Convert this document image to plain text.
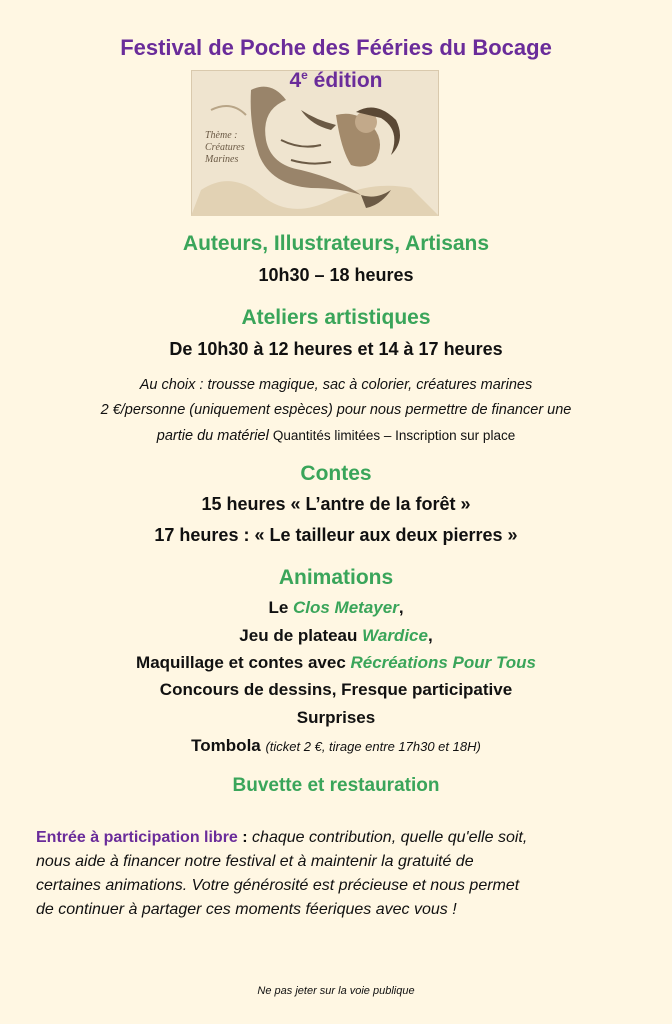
Festival de Poche des Fééries du Bocage
4e édition
Thème :
Créatures
Marines
Auteurs, Illustrateurs, Artisans
10h30 – 18 heures
Ateliers artistiques
De 10h30 à 12 heures et 14 à 17 heures
Au choix : trousse magique, sac à colorier, créatures marines
2 €/personne (uniquement espèces) pour nous permettre de financer une
partie du matériel Quantités limitées – Inscription sur place
Contes
15 heures « L’antre de la forêt »
17 heures : « Le tailleur aux deux pierres »
Animations
Le Clos Metayer,
Jeu de plateau Wardice,
Maquillage et contes avec Récréations Pour Tous
Concours de dessins, Fresque participative
Surprises
Tombola (ticket 2 €, tirage entre 17h30 et 18H)
Buvette et restauration
Entrée à participation libre : chaque contribution, quelle qu'elle soit,
nous aide à financer notre festival et à maintenir la gratuité de
certaines animations. Votre générosité est précieuse et nous permet
de continuer à partager ces moments féeriques avec vous !
Ne pas jeter sur la voie publique
